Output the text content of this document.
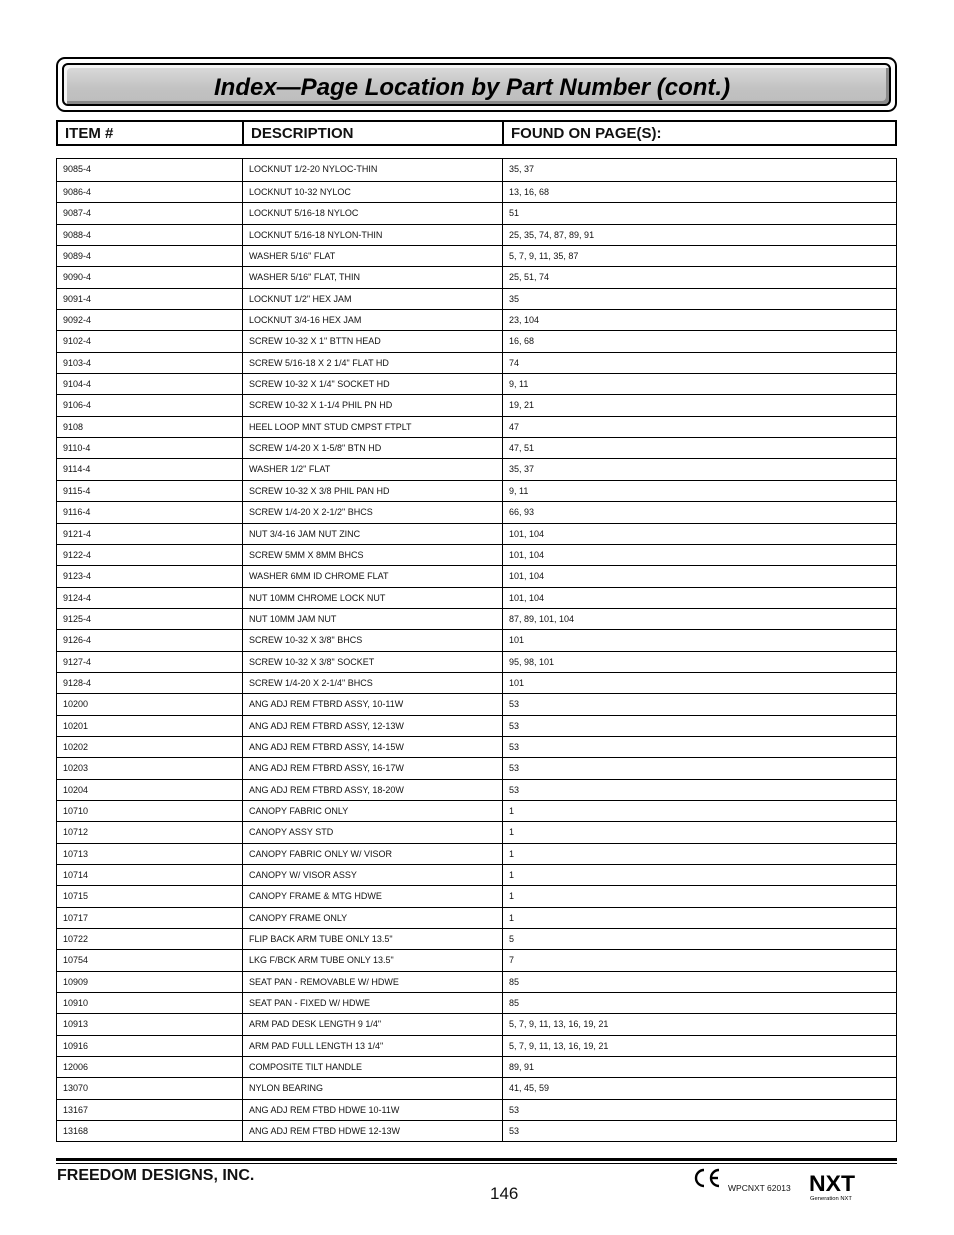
Index—Page Location by Part Number (cont.)
ITEM #	DESCRIPTION	FOUND ON PAGE(S):
9085-4	LOCKNUT 1/2-20 NYLOC-THIN	35, 37
9086-4	LOCKNUT 10-32 NYLOC	13, 16, 68
9087-4	LOCKNUT 5/16-18 NYLOC	51
9088-4	LOCKNUT 5/16-18 NYLON-THIN	25, 35, 74, 87, 89, 91
9089-4	WASHER 5/16" FLAT	5, 7, 9, 11, 35, 87
9090-4	WASHER 5/16" FLAT, THIN	25, 51, 74
9091-4	LOCKNUT 1/2" HEX JAM	35
9092-4	LOCKNUT 3/4-16 HEX JAM	23, 104
9102-4	SCREW 10-32 X 1" BTTN HEAD	16, 68
9103-4	SCREW 5/16-18 X 2 1/4" FLAT HD	74
9104-4	SCREW 10-32 X 1/4" SOCKET HD	9, 11
9106-4	SCREW 10-32 X 1-1/4 PHIL PN HD	19, 21
9108	HEEL LOOP MNT STUD CMPST FTPLT	47
9110-4	SCREW 1/4-20 X 1-5/8" BTN HD	47, 51
9114-4	WASHER 1/2" FLAT	35, 37
9115-4	SCREW 10-32 X 3/8 PHIL PAN HD	9, 11
9116-4	SCREW 1/4-20 X 2-1/2" BHCS	66, 93
9121-4	NUT 3/4-16 JAM NUT ZINC	101, 104
9122-4	SCREW 5MM X 8MM BHCS	101, 104
9123-4	WASHER 6MM ID CHROME FLAT	101, 104
9124-4	NUT 10MM CHROME LOCK NUT	101, 104
9125-4	NUT 10MM JAM NUT	87, 89, 101, 104
9126-4	SCREW 10-32 X 3/8" BHCS	101
9127-4	SCREW 10-32 X 3/8" SOCKET	95, 98, 101
9128-4	SCREW 1/4-20 X 2-1/4" BHCS	101
10200	ANG ADJ REM FTBRD ASSY, 10-11W	53
10201	ANG ADJ REM FTBRD ASSY, 12-13W	53
10202	ANG ADJ REM FTBRD ASSY, 14-15W	53
10203	ANG ADJ REM FTBRD ASSY, 16-17W	53
10204	ANG ADJ REM FTBRD ASSY, 18-20W	53
10710	CANOPY FABRIC ONLY	1
10712	CANOPY ASSY STD	1
10713	CANOPY FABRIC ONLY W/ VISOR	1
10714	CANOPY W/ VISOR ASSY	1
10715	CANOPY FRAME & MTG HDWE	1
10717	CANOPY FRAME ONLY	1
10722	FLIP BACK ARM TUBE ONLY 13.5"	5
10754	LKG F/BCK ARM TUBE ONLY 13.5"	7
10909	SEAT PAN - REMOVABLE W/ HDWE	85
10910	SEAT PAN - FIXED W/ HDWE	85
10913	ARM PAD DESK LENGTH 9 1/4"	5, 7, 9, 11, 13, 16, 19, 21
10916	ARM PAD FULL LENGTH 13 1/4"	5, 7, 9, 11, 13, 16, 19, 21
12006	COMPOSITE TILT HANDLE	89, 91
13070	NYLON BEARING	41, 45, 59
13167	ANG ADJ REM FTBD HDWE 10-11W	53
13168	ANG ADJ REM FTBD HDWE 12-13W	53
FREEDOM DESIGNS, INC.
146	WPCNXT 62013 NXT
Generation NXT
